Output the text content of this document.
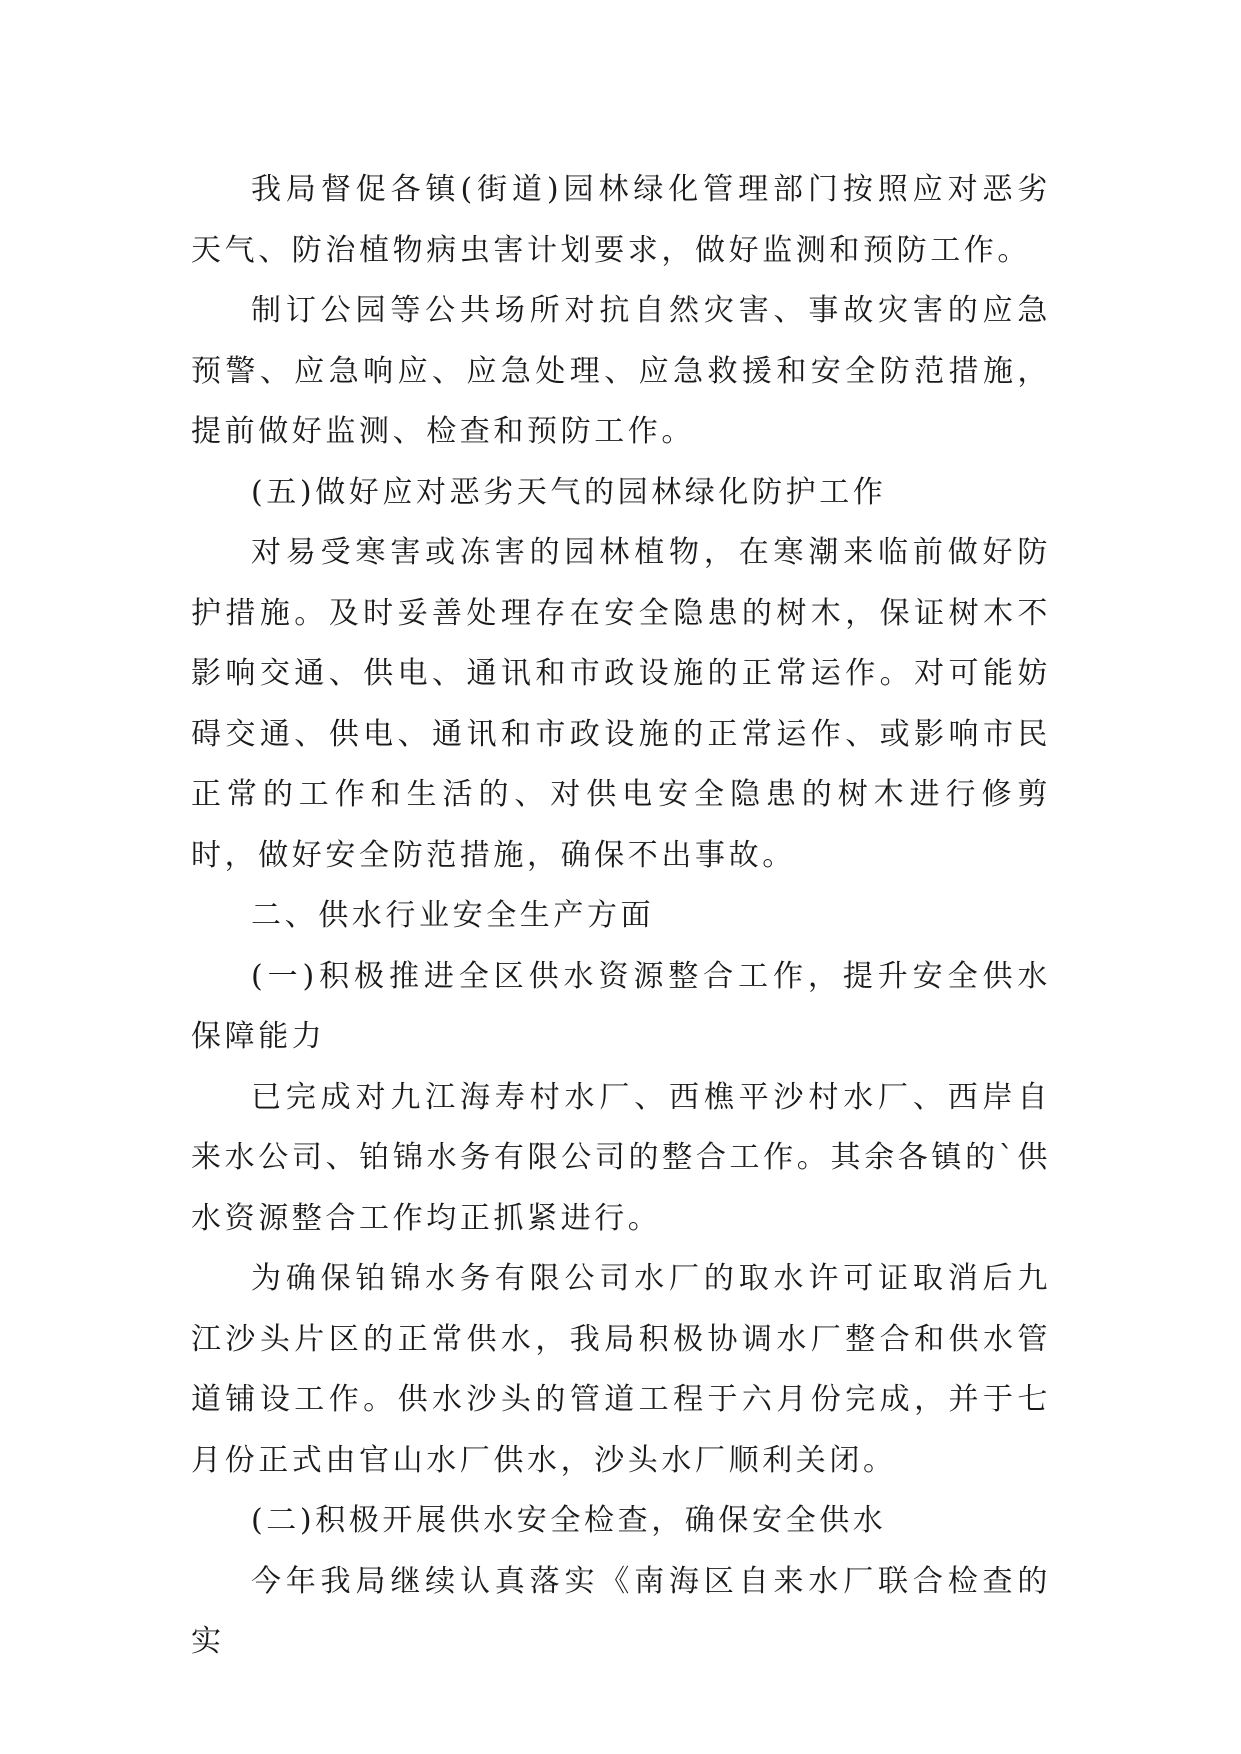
我局督促各镇(街道)园林绿化管理部门按照应对恶劣天气、防治植物病虫害计划要求，做好监测和预防工作。

制订公园等公共场所对抗自然灾害、事故灾害的应急预警、应急响应、应急处理、应急救援和安全防范措施，提前做好监测、检查和预防工作。

(五)做好应对恶劣天气的园林绿化防护工作

对易受寒害或冻害的园林植物，在寒潮来临前做好防护措施。及时妥善处理存在安全隐患的树木，保证树木不影响交通、供电、通讯和市政设施的正常运作。对可能妨碍交通、供电、通讯和市政设施的正常运作、或影响市民正常的工作和生活的、对供电安全隐患的树木进行修剪时，做好安全防范措施，确保不出事故。

二、供水行业安全生产方面

(一)积极推进全区供水资源整合工作，提升安全供水保障能力

已完成对九江海寿村水厂、西樵平沙村水厂、西岸自来水公司、铂锦水务有限公司的整合工作。其余各镇的`供水资源整合工作均正抓紧进行。

为确保铂锦水务有限公司水厂的取水许可证取消后九江沙头片区的正常供水，我局积极协调水厂整合和供水管道铺设工作。供水沙头的管道工程于六月份完成，并于七月份正式由官山水厂供水，沙头水厂顺利关闭。

(二)积极开展供水安全检查，确保安全供水

今年我局继续认真落实《南海区自来水厂联合检查的实
